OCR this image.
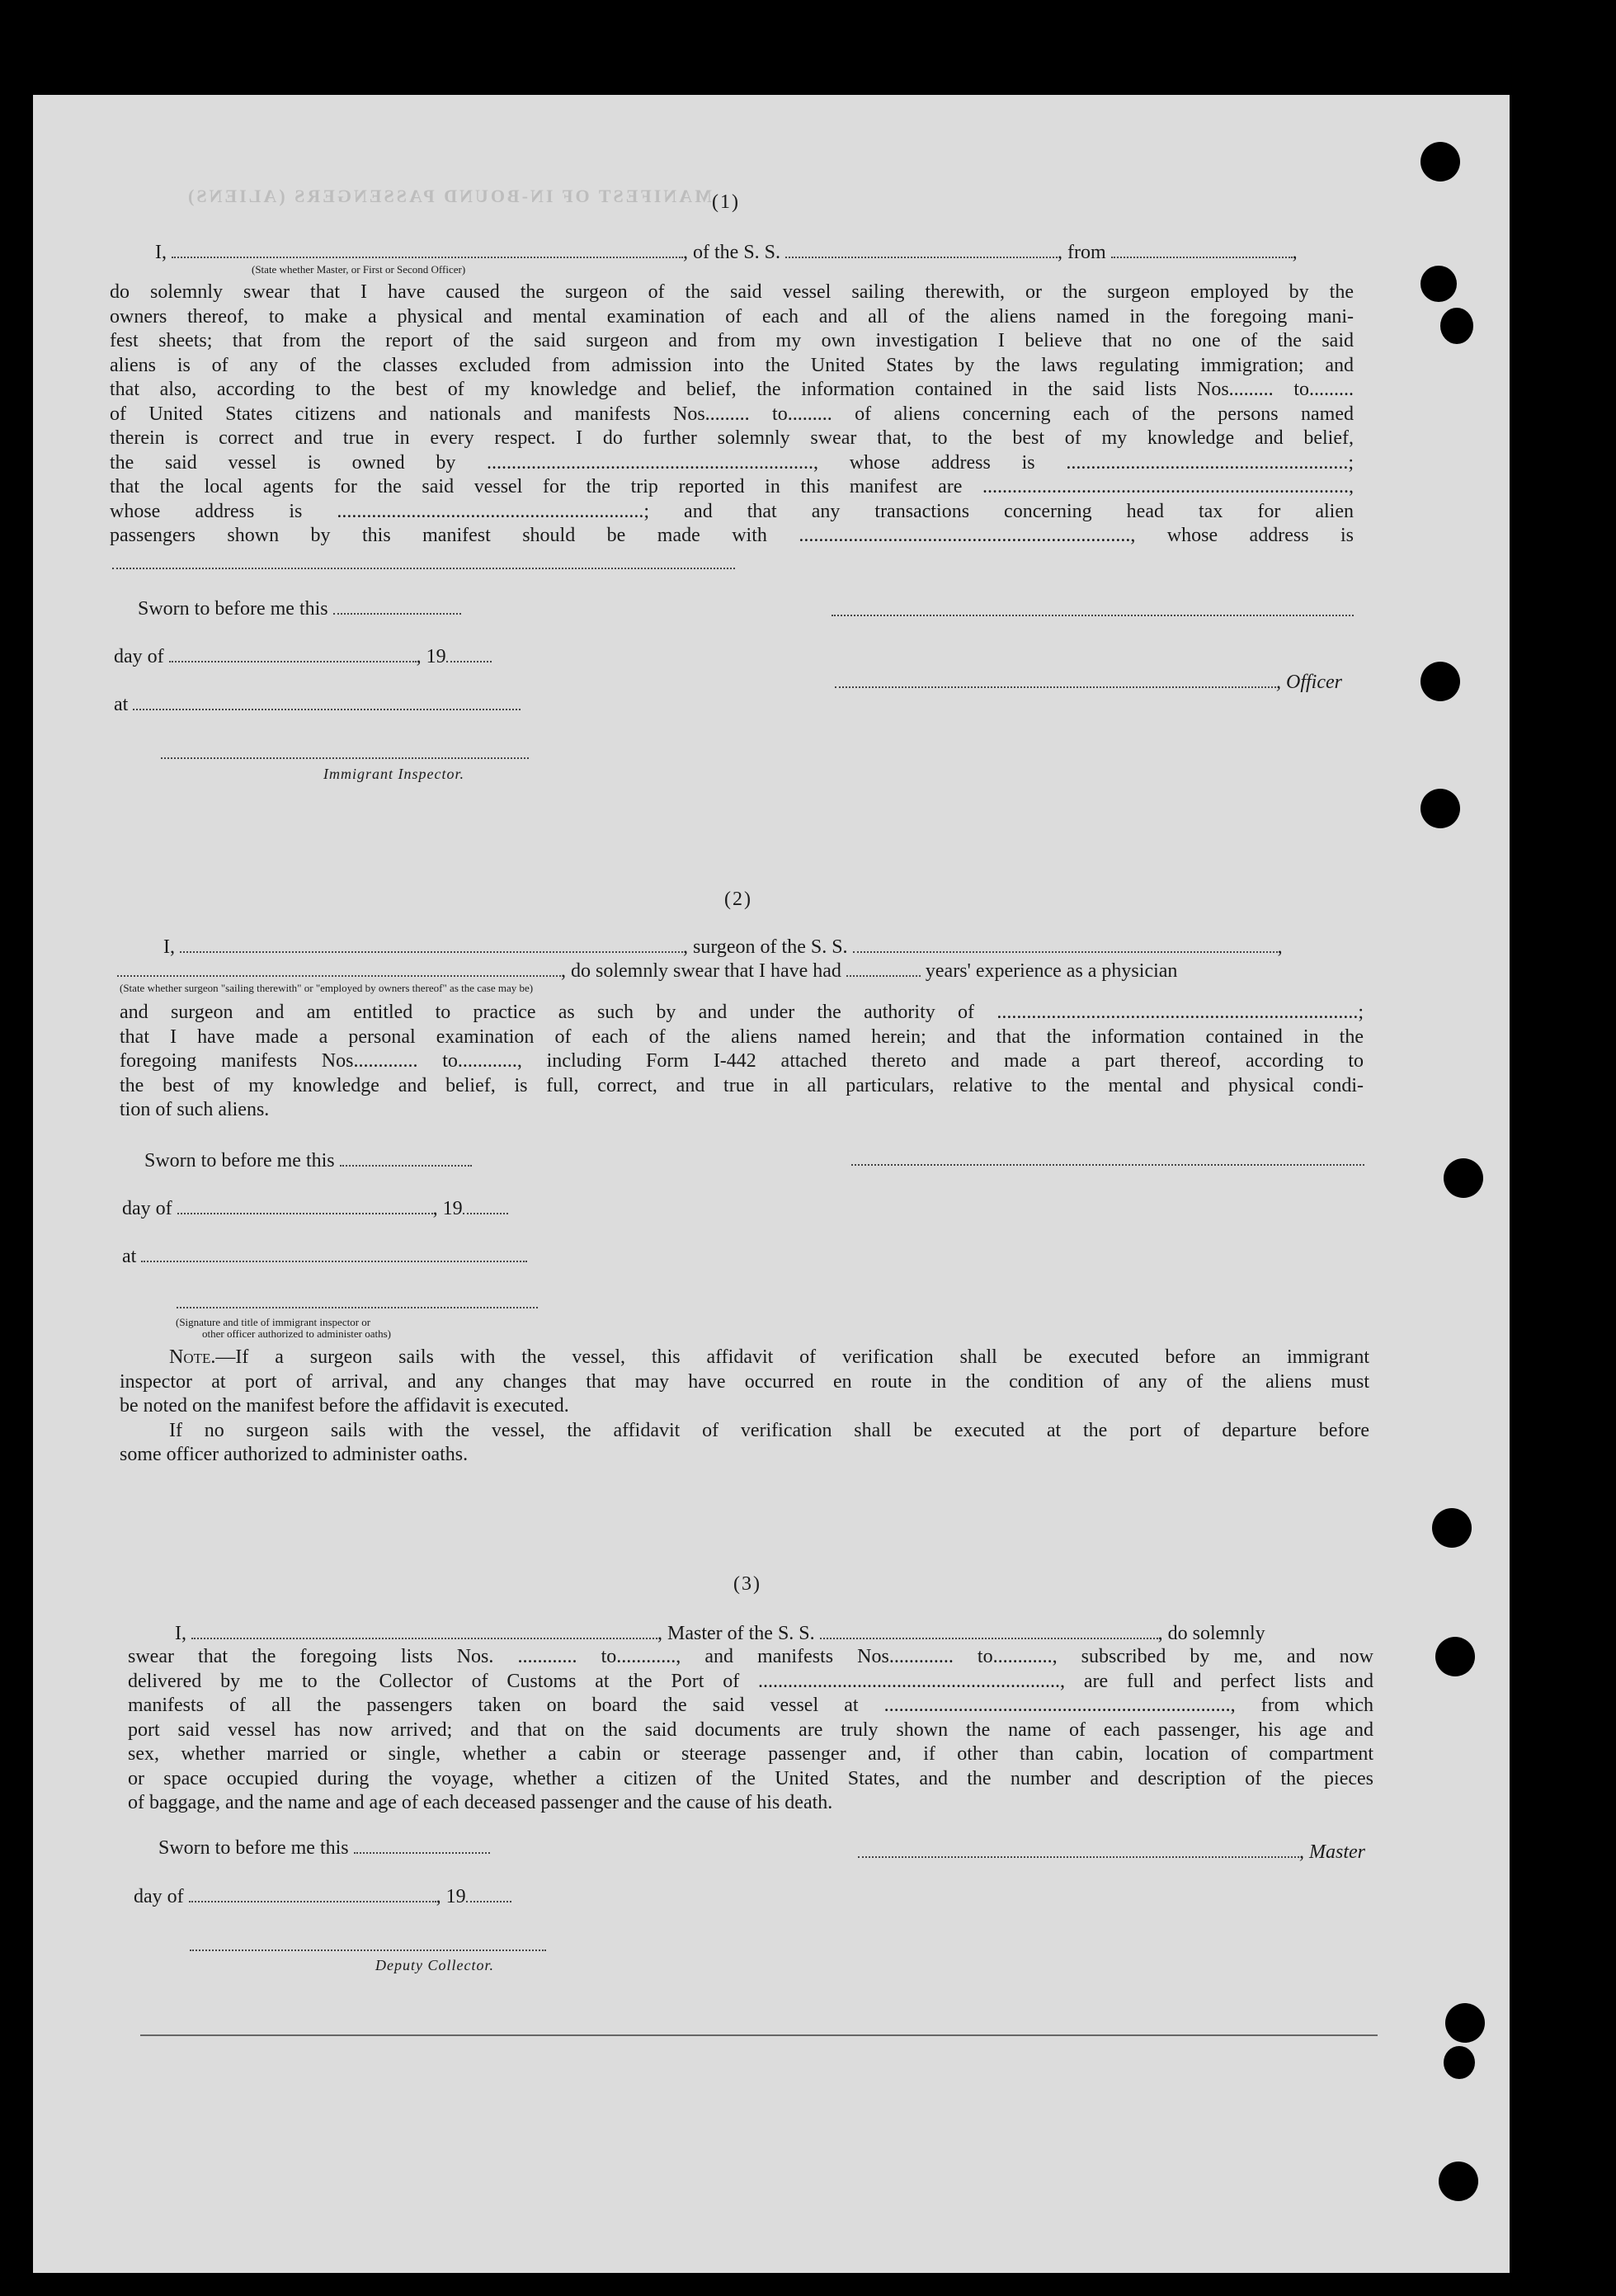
MANIFEST OF IN-BOUND PASSENGERS (ALIENS) (1)
I,	, of the S. S.	, from	,
(State whether Master, or First or Second Officer)
do solemnly swear that I have caused the surgeon of the said vessel sailing therewith, or the surgeon employed by the
owners thereof, to make a physical and mental examination of each and all of the aliens named in the foregoing mani-
fest sheets; that from the report of the said surgeon and from my own investigation I believe that no one of the said
aliens is of any of the classes excluded from admission into the United States by the laws regulating immigration; and
that also, according to the best of my knowledge and belief, the information contained in the said lists Nos......... to.........
of United States citizens and nationals and manifests Nos......... to......... of aliens concerning each of the persons named
therein is correct and true in every respect. I do further solemnly swear that, to the best of my knowledge and belief,
the said vessel is owned by .................................................................., whose address is .........................................................;
that the local agents for the said vessel for the trip reported in this manifest are ..........................................................................,
whose address is ..............................................................; and that any transactions concerning head tax for alien
passengers shown by this manifest should be made with ..................................................................., whose address is
Sworn to before me this
day of	, 19
, Officer
at
Immigrant Inspector.
(2)
I,	, surgeon of the S. S.	,
, do solemnly swear that I have had	years' experience as a physician
(State whether surgeon "sailing therewith" or "employed by owners thereof" as the case may be)
and surgeon and am entitled to practice as such by and under the authority of .........................................................................;
that I have made a personal examination of each of the aliens named herein; and that the information contained in the
foregoing manifests Nos............. to............, including Form I-442 attached thereto and made a part thereof, according to
the best of my knowledge and belief, is full, correct, and true in all particulars, relative to the mental and physical condi-

tion of such aliens.
Sworn to before me this
day of	, 19
at
(Signature and title of immigrant inspector or
other officer authorized to administer oaths)
Note.—If a surgeon sails with the vessel, this affidavit of verification shall be executed before an immigrant
inspector at port of arrival, and any changes that may have occurred en route in the condition of any of the aliens must

be noted on the manifest before the affidavit is executed.
If no surgeon sails with the vessel, the affidavit of verification shall be executed at the port of departure before

some officer authorized to administer oaths.
(3)
I,	, Master of the S. S.	, do solemnly
swear that the foregoing lists Nos. ............ to............, and manifests Nos............. to............, subscribed by me, and now
delivered by me to the Collector of Customs at the Port of ............................................................., are full and perfect lists and
manifests of all the passengers taken on board the said vessel at ......................................................................, from which
port said vessel has now arrived; and that on the said documents are truly shown the name of each passenger, his age and
sex, whether married or single, whether a cabin or steerage passenger and, if other than cabin, location of compartment
or space occupied during the voyage, whether a citizen of the United States, and the number and description of the pieces

of baggage, and the name and age of each deceased passenger and the cause of his death.
Sworn to before me this	, Master
day of	, 19
Deputy Collector.
